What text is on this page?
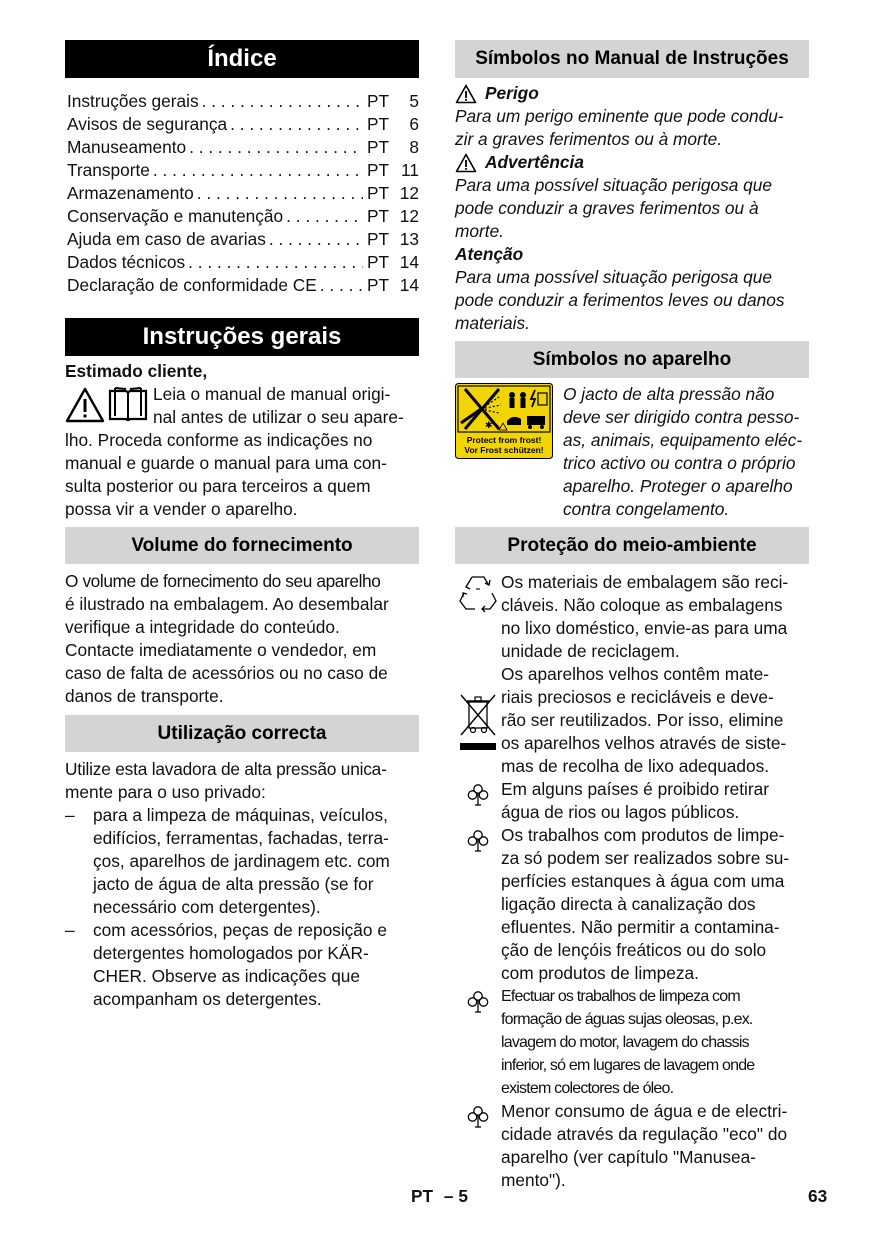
Índice
Instruções gerais . . .	PT	5
Avisos de segurança . . .	PT	6
Manuseamento . . .	PT	8
Transporte . . .	PT 11
Armazenamento . . .	PT 12
Conservação e manutenção . . .	PT 12
Ajuda em caso de avarias . . .	PT 13
Dados técnicos . . .	PT 14
Declaração de conformidade CE . . .	PT 14
Instruções gerais

Estimado cliente,

Leia o manual de manual origi-

nal antes de utilizar o seu apare-

lho. Proceda conforme as indicações no

manual e guarde o manual para uma con-

sulta posterior ou para terceiros a quem

possa vir a vender o aparelho.

Volume do fornecimento

O volume de fornecimento do seu aparelho

é ilustrado na embalagem. Ao desembalar

verifique a integridade do conteúdo.

Contacte imediatamente o vendedor, em

caso de falta de acessórios ou no caso de

danos de transporte.

Utilização correcta

Utilize esta lavadora de alta pressão unica-

mente para o uso privado:

–	para a limpeza de máquinas, veículos,

edifícios, ferramentas, fachadas, terra-

ços, aparelhos de jardinagem etc. com

jacto de água de alta pressão (se for

necessário com detergentes).

–	com acessórios, peças de reposição e

detergentes homologados por KÄR-

CHER. Observe as indicações que

acompanham os detergentes.

Símbolos no Manual de Instruções
Perigo

Para um perigo eminente que pode condu-

zir a graves ferimentos ou à morte.

Advertência

Para uma possível situação perigosa que

pode conduzir a graves ferimentos ou à

morte.

Atenção

Para uma possível situação perigosa que

pode conduzir a ferimentos leves ou danos

materiais.

Símbolos no aparelho
✱
Protect from frost!
Vor Frost schützen!

O jacto de alta pressão não

deve ser dirigido contra pesso-

as, animais, equipamento eléc-

trico activo ou contra o próprio

aparelho. Proteger o aparelho

contra congelamento.

Proteção do meio-ambiente

Os materiais de embalagem são reci-

cláveis. Não coloque as embalagens

no lixo doméstico, envie-as para uma

unidade de reciclagem.

Os aparelhos velhos contêm mate-

riais preciosos e recicláveis e deve-

rão ser reutilizados. Por isso, elimine

os aparelhos velhos através de siste-

mas de recolha de lixo adequados.

Em alguns países é proibido retirar

água de rios ou lagos públicos.

Os trabalhos com produtos de limpe-

za só podem ser realizados sobre su-

perfícies estanques à água com uma

ligação directa à canalização dos

efluentes. Não permitir a contamina-

ção de lençóis freáticos ou do solo

com produtos de limpeza.

Efectuar os trabalhos de limpeza com

formação de águas sujas oleosas, p.ex.

lavagem do motor, lavagem do chassis

inferior, só em lugares de lavagem onde

existem colectores de óleo.

Menor consumo de água e de electri-

cidade através da regulação "eco" do

aparelho (ver capítulo "Manusea-

mento").

PT – 5	63
